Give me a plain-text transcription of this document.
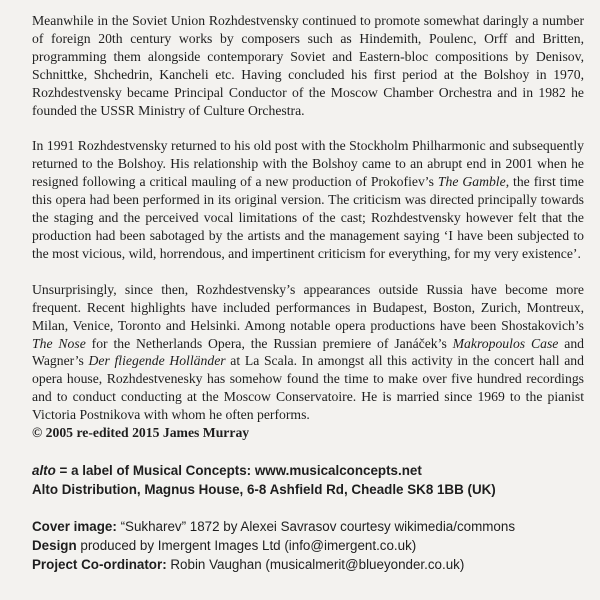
Meanwhile in the Soviet Union Rozhdestvensky continued to promote somewhat daringly a number of foreign 20th century works by composers such as Hindemith, Poulenc, Orff and Britten, programming them alongside contemporary Soviet and Eastern-bloc compositions by Denisov, Schnittke, Shchedrin, Kancheli etc. Having concluded his first period at the Bolshoy in 1970, Rozhdestvensky became Principal Conductor of the Moscow Chamber Orchestra and in 1982 he founded the USSR Ministry of Culture Orchestra.

In 1991 Rozhdestvensky returned to his old post with the Stockholm Philharmonic and subsequently returned to the Bolshoy. His relationship with the Bolshoy came to an abrupt end in 2001 when he resigned following a critical mauling of a new production of Prokofiev’s The Gamble, the first time this opera had been performed in its original version. The criticism was directed principally towards the staging and the perceived vocal limitations of the cast; Rozhdestvensky however felt that the production had been sabotaged by the artists and the management saying ‘I have been subjected to the most vicious, wild, horrendous, and impertinent criticism for everything, for my very existence’.

Unsurprisingly, since then, Rozhdestvensky’s appearances outside Russia have become more frequent. Recent highlights have included performances in Budapest, Boston, Zurich, Montreux, Milan, Venice, Toronto and Helsinki. Among notable opera productions have been Shostakovich’s The Nose for the Netherlands Opera, the Russian premiere of Janáček’s Makropoulos Case and Wagner’s Der fliegende Holländer at La Scala. In amongst all this activity in the concert hall and opera house, Rozhdestvenesky has somehow found the time to make over five hundred recordings and to conduct conducting at the Moscow Conservatoire. He is married since 1969 to the pianist Victoria Postnikova with whom he often performs.

© 2005 re-edited 2015 James Murray

alto = a label of Musical Concepts: www.musicalconcepts.net

Alto Distribution, Magnus House, 6-8 Ashfield Rd, Cheadle SK8 1BB (UK)

Cover image: “Sukharev” 1872 by Alexei Savrasov courtesy wikimedia/commons

Design produced by Imergent Images Ltd (info@imergent.co.uk)

Project Co-ordinator: Robin Vaughan (musicalmerit@blueyonder.co.uk)
